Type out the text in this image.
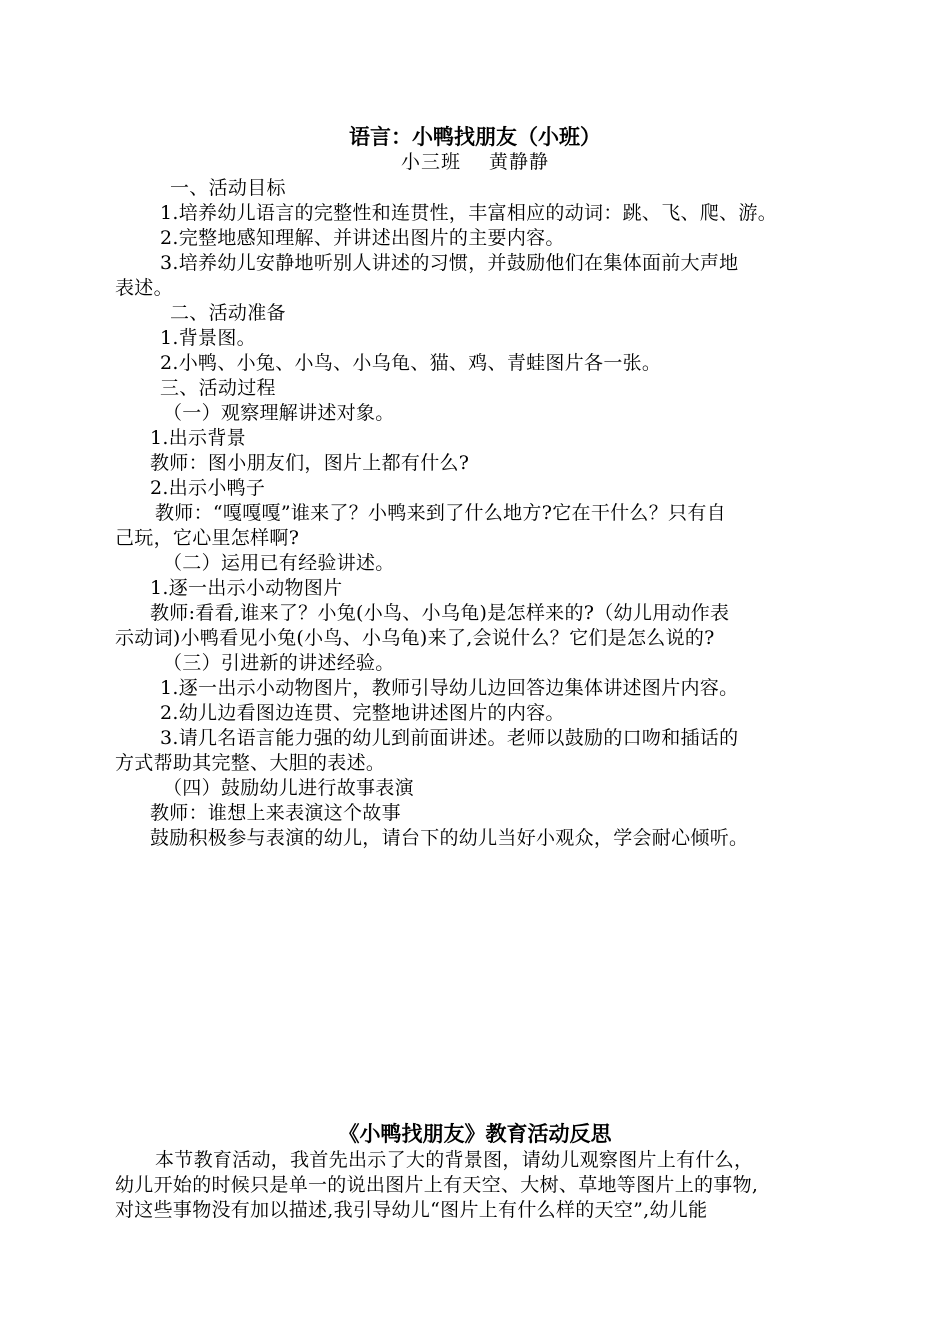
语言：小鸭找朋友（小班）
小三班 黄静静
一、活动目标
1.培养幼儿语言的完整性和连贯性，丰富相应的动词：跳、飞、爬、游。
2.完整地感知理解、并讲述出图片的主要内容。
3.培养幼儿安静地听别人讲述的习惯，并鼓励他们在集体面前大声地
表述。
二、活动准备
1.背景图。
2.小鸭、小兔、小鸟、小乌龟、猫、鸡、青蛙图片各一张。
三、活动过程
（一）观察理解讲述对象。
1.出示背景
教师：图小朋友们，图片上都有什么?
2.出示小鸭子
教师：“嘎嘎嘎”谁来了？小鸭来到了什么地方?它在干什么？只有自
己玩，它心里怎样啊?
（二）运用已有经验讲述。
1.逐一出示小动物图片
教师:看看,谁来了？小兔(小鸟、小乌龟)是怎样来的?（幼儿用动作表
示动词)小鸭看见小兔(小鸟、小乌龟)来了,会说什么？它们是怎么说的?
（三）引进新的讲述经验。
1.逐一出示小动物图片，教师引导幼儿边回答边集体讲述图片内容。
2.幼儿边看图边连贯、完整地讲述图片的内容。
3.请几名语言能力强的幼儿到前面讲述。老师以鼓励的口吻和插话的
方式帮助其完整、大胆的表述。
（四）鼓励幼儿进行故事表演
教师：谁想上来表演这个故事
鼓励积极参与表演的幼儿，请台下的幼儿当好小观众，学会耐心倾听。
《小鸭找朋友》教育活动反思
本节教育活动，我首先出示了大的背景图，请幼儿观察图片上有什么，
幼儿开始的时候只是单一的说出图片上有天空、大树、草地等图片上的事物,
对这些事物没有加以描述,我引导幼儿“图片上有什么样的天空”,幼儿能
